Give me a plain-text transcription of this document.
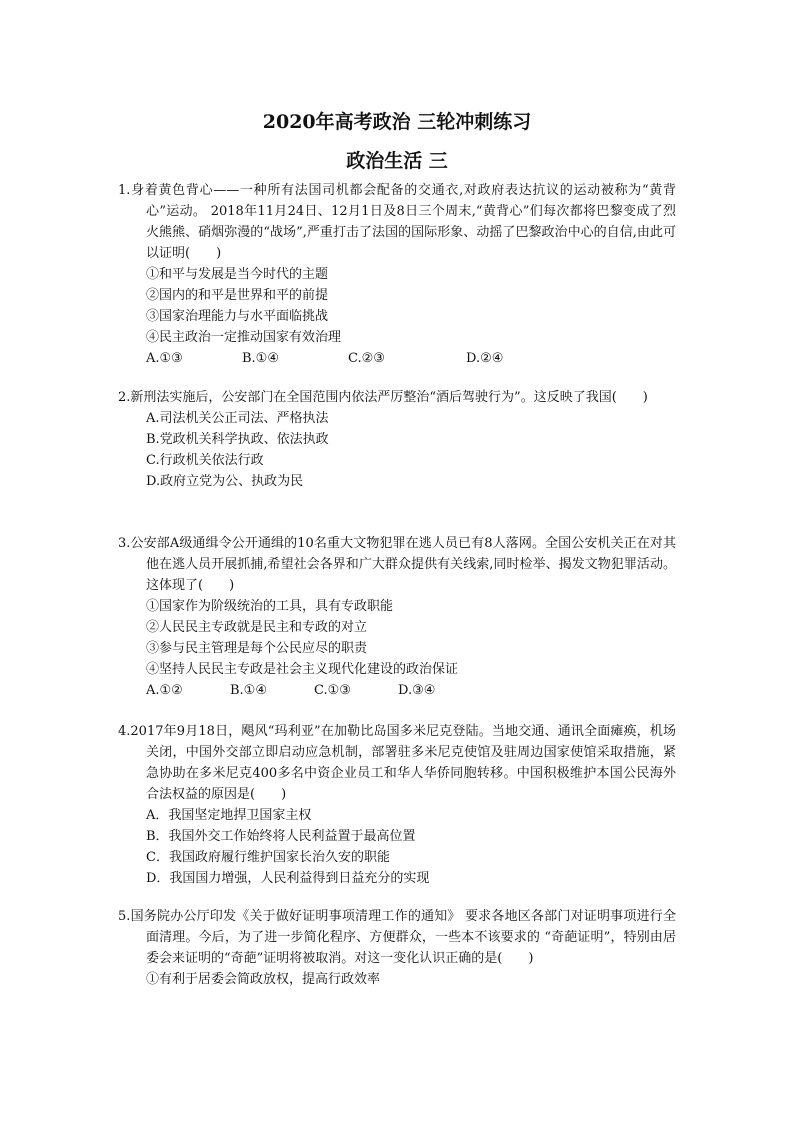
2020年高考政治 三轮冲刺练习
政治生活 三

1.身着黄色背心——一种所有法国司机都会配备的交通衣,对政府表达抗议的运动被称为“黄背心”运动。 2018年11月24日、12月1日及8日三个周末,“黄背心”们每次都将巴黎变成了烈火熊熊、硝烟弥漫的“战场”,严重打击了法国的国际形象、动摇了巴黎政治中心的自信,由此可以证明(　　)

①和平与发展是当今时代的主题

②国内的和平是世界和平的前提

③国家治理能力与水平面临挑战

④民主政治一定推动国家有效治理

A.①③	B.①④	C.②③	D.②④

2.新刑法实施后，公安部门在全国范围内依法严厉整治“酒后驾驶行为”。这反映了我国(　　)

A.司法机关公正司法、严格执法

B.党政机关科学执政、依法执政

C.行政机关依法行政

D.政府立党为公、执政为民

3.公安部A级通缉令公开通缉的10名重大文物犯罪在逃人员已有8人落网。全国公安机关正在对其他在逃人员开展抓捕,希望社会各界和广大群众提供有关线索,同时检举、揭发文物犯罪活动。这体现了(　　)

①国家作为阶级统治的工具，具有专政职能

②人民民主专政就是民主和专政的对立

③参与民主管理是每个公民应尽的职责

④坚持人民民主专政是社会主义现代化建设的政治保证

A.①②	B.①④	C.①③	D.③④

4.2017年9月18日，飓风“玛利亚”在加勒比岛国多米尼克登陆。当地交通、通讯全面瘫痪，机场关闭，中国外交部立即启动应急机制，部署驻多米尼克使馆及驻周边国家使馆采取措施，紧急协助在多米尼克400多名中资企业员工和华人华侨同胞转移。中国积极维护本国公民海外合法权益的原因是(　　)

A．我国坚定地捍卫国家主权

B．我国外交工作始终将人民利益置于最高位置

C．我国政府履行维护国家长治久安的职能

D．我国国力增强，人民利益得到日益充分的实现

5.国务院办公厅印发《关于做好证明事项清理工作的通知》 要求各地区各部门对证明事项进行全面清理。今后，为了进一步简化程序、方便群众，一些本不该要求的 “奇葩证明”，特别由居委会来证明的“奇葩”证明将被取消。对这一变化认识正确的是(　　)

①有利于居委会简政放权，提高行政效率
